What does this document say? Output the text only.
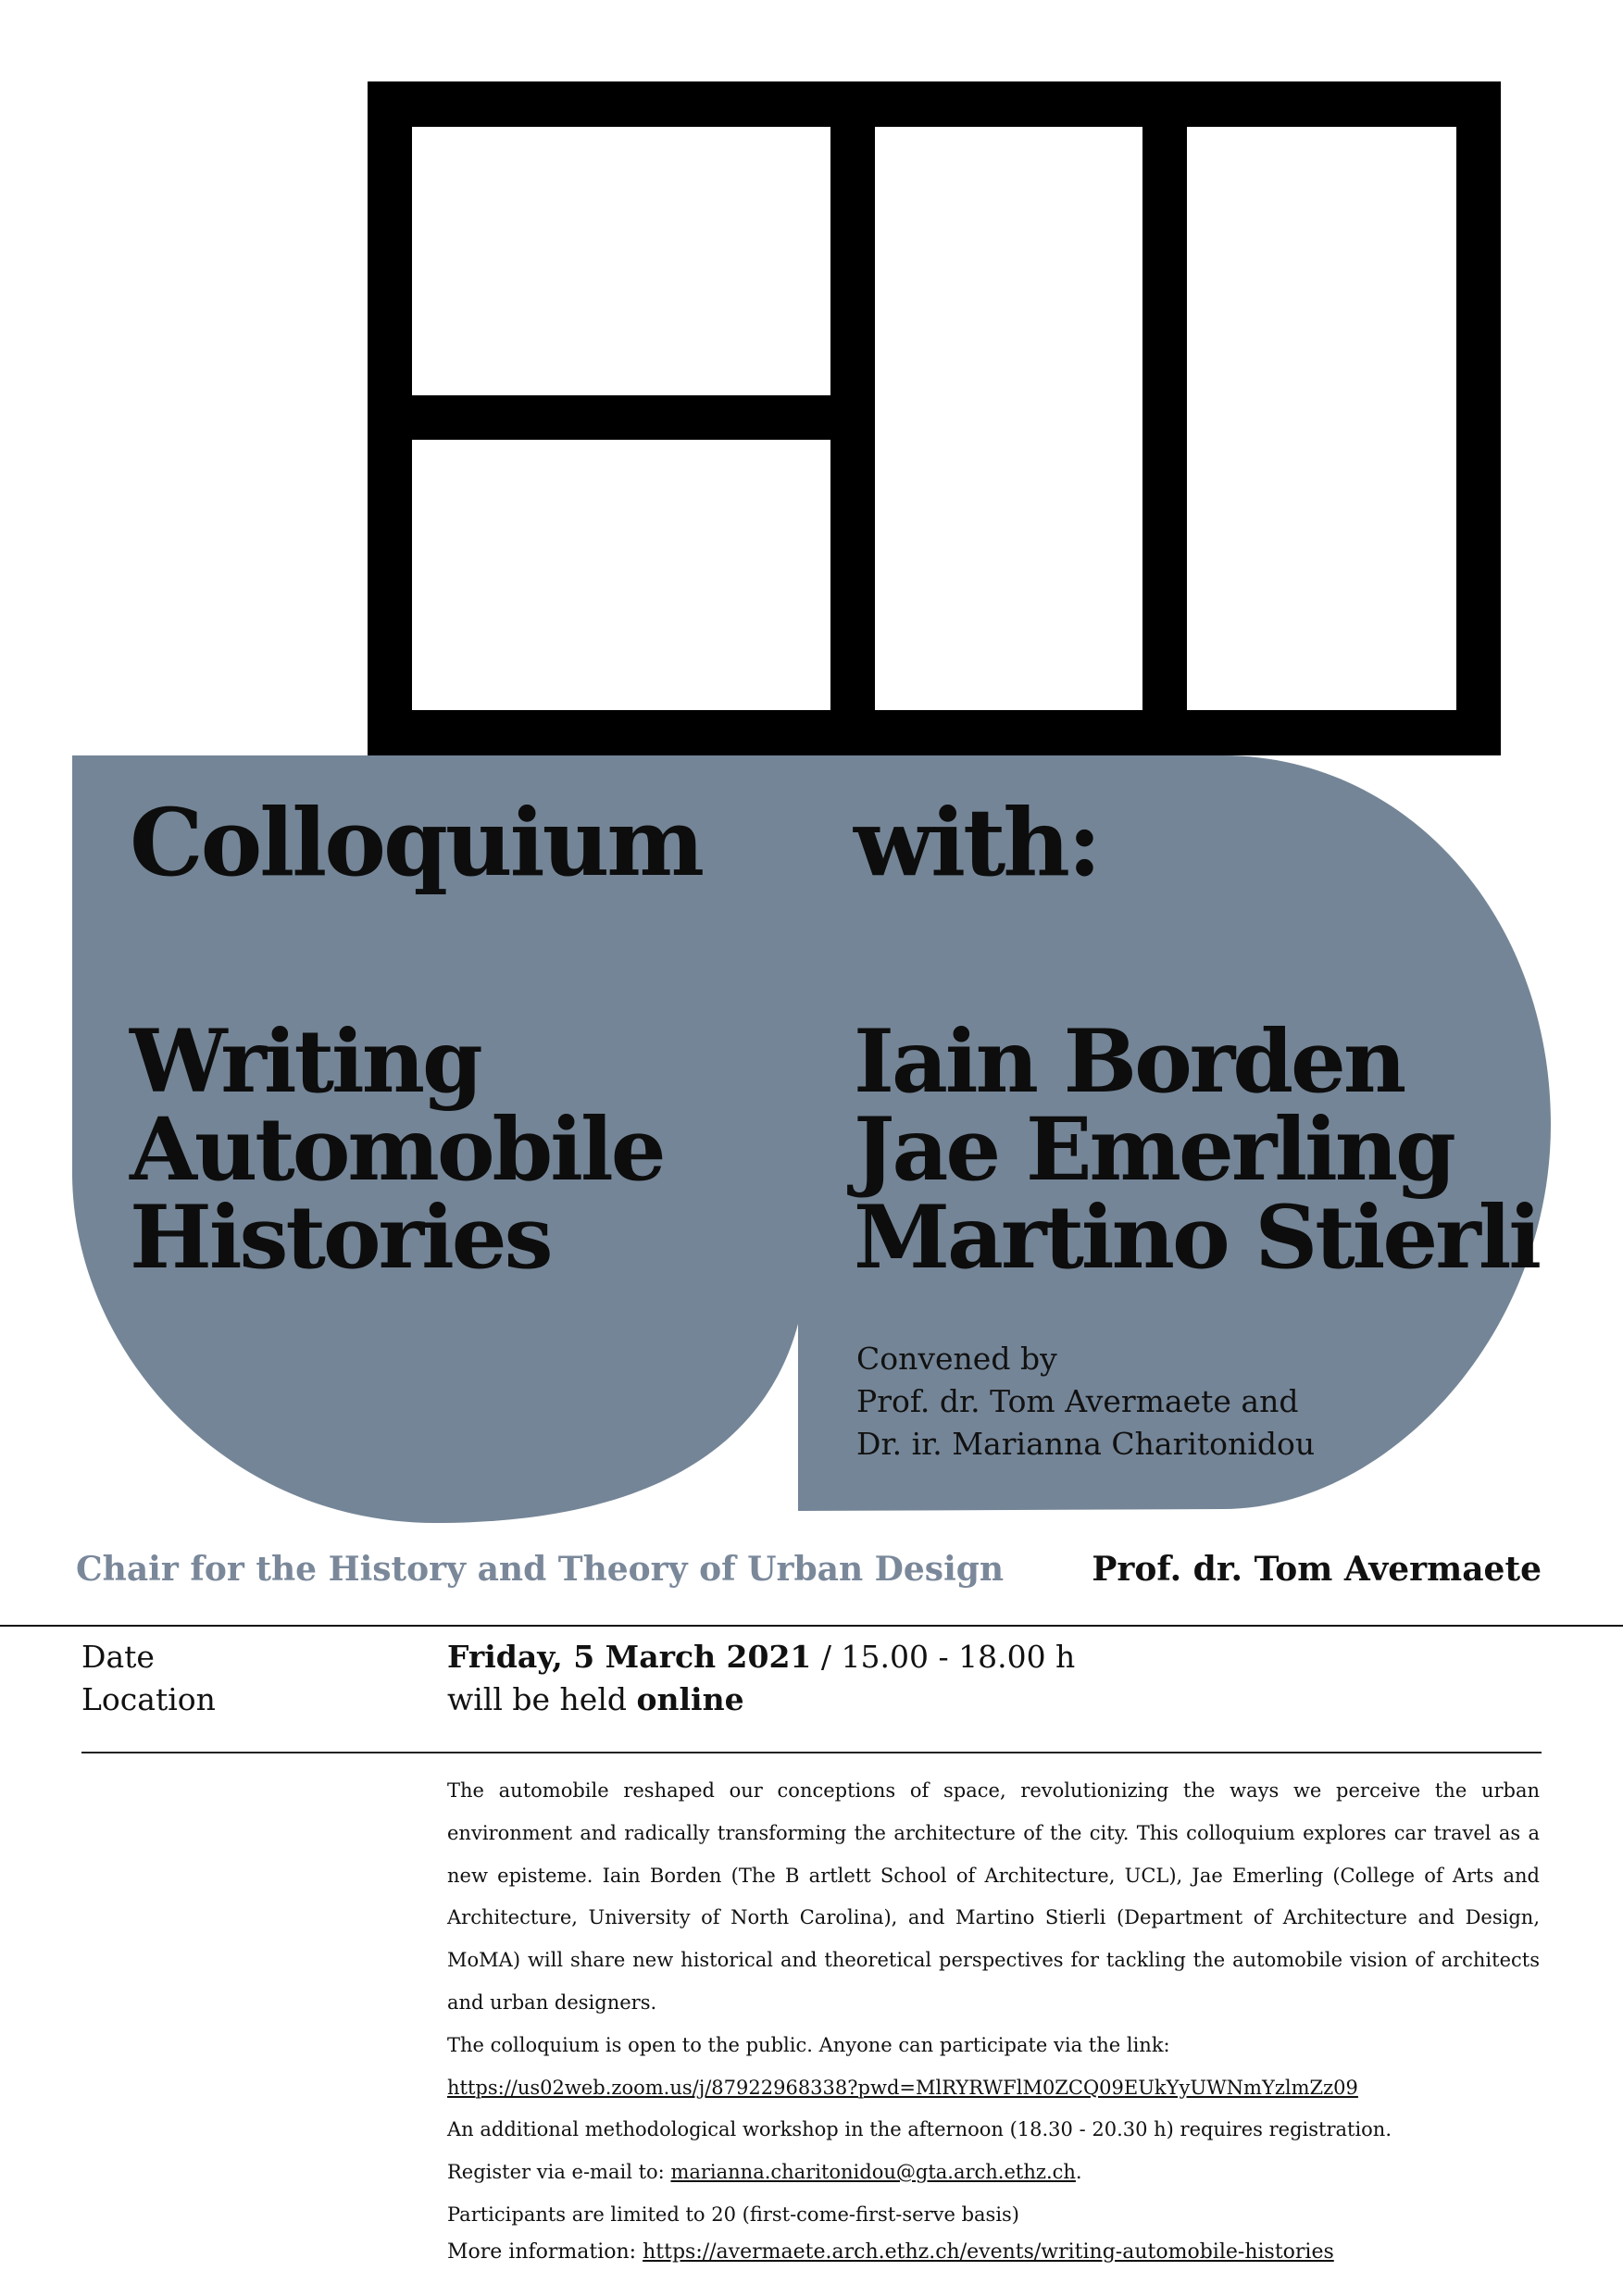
Colloquium with:
Writing
Automobile
Histories
Iain Borden
Jae Emerling
Martino Stierli
Convened by
Prof. dr. Tom Avermaete and
Dr. ir. Marianna Charitonidou
Chair for the History and Theory of Urban Design	Prof. dr. Tom Avermaete
Date
Location
Friday, 5 March 2021 / 15.00 - 18.00 h
will be held online
The automobile reshaped our conceptions of space, revolutionizing the ways we perceive the urban environment and radically transforming the architecture of the city. This colloquium explores car travel as a new episteme. Iain Borden (The B artlett School of Architecture, UCL), Jae Emerling (College of Arts and Architecture, University of North Carolina), and Martino Stierli (Department of Architecture and Design, MoMA) will share new historical and theoretical perspectives for tackling the automobile vision of architects and urban designers.
The colloquium is open to the public. Anyone can participate via the link:
https://us02web.zoom.us/j/87922968338?pwd=MlRYRWFlM0ZCQ09EUkYyUWNmYzlmZz09
An additional methodological workshop in the afternoon (18.30 - 20.30 h) requires registration.
Register via e-mail to: marianna.charitonidou@gta.arch.ethz.ch.
Participants are limited to 20 (first-come-first-serve basis)
More information: https://avermaete.arch.ethz.ch/events/writing-automobile-histories
